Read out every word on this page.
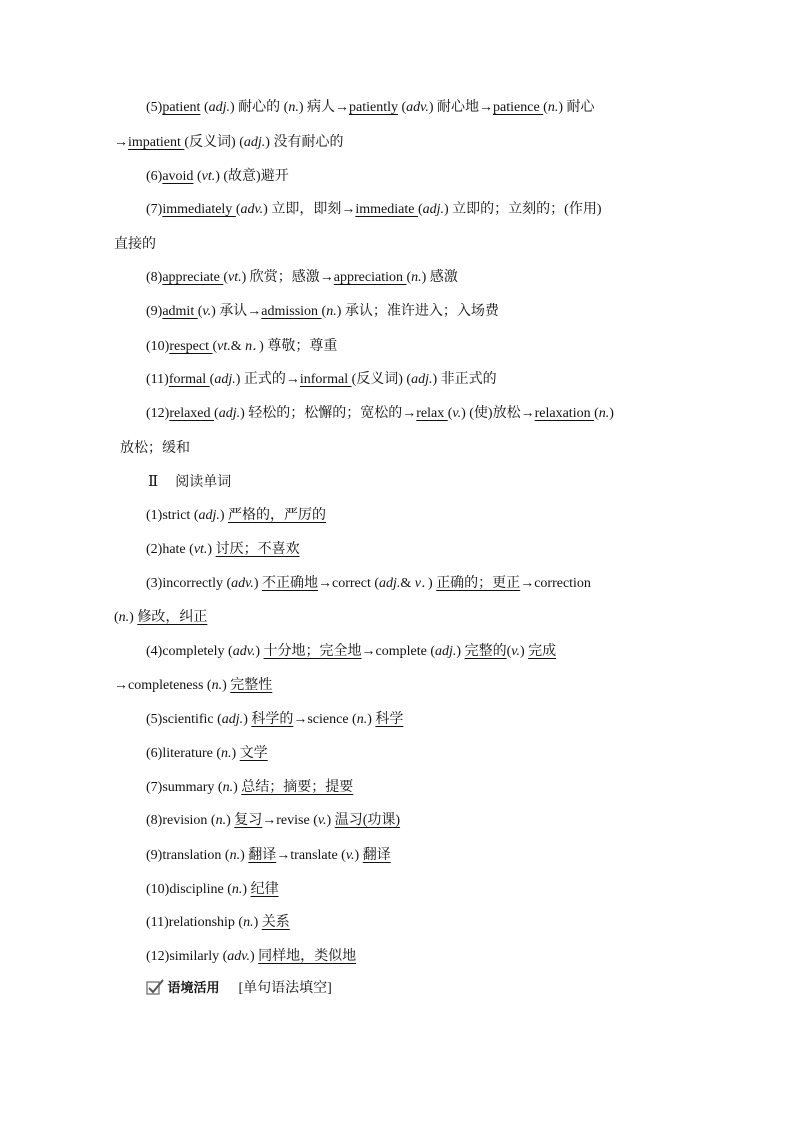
(5)patient (adj.) 耐心的 (n.) 病人→patiently (adv.) 耐心地→patience (n.) 耐心
→impatient (反义词) (adj.) 没有耐心的
(6)avoid (vt.) (故意)避开
(7)immediately (adv.) 立即，即刻→immediate (adj.) 立即的；立刻的；(作用)
直接的
(8)appreciate (vt.) 欣赏；感激→appreciation (n.) 感激
(9)admit (v.) 承认→admission (n.) 承认；准许进入；入场费
(10)respect (vt.& n．) 尊敬；尊重
(11)formal (adj.) 正式的→informal (反义词) (adj.) 非正式的
(12)relaxed (adj.) 轻松的；松懈的；宽松的→relax (v.) (使)放松→relaxation (n.)
放松；缓和
Ⅱ 阅读单词
(1)strict (adj.) 严格的，严厉的
(2)hate (vt.) 讨厌；不喜欢
(3)incorrectly (adv.) 不正确地→correct (adj.& v．) 正确的；更正→correction
(n.) 修改，纠正
(4)completely (adv.) 十分地；完全地→complete (adj.) 完整的(v.) 完成
→completeness (n.) 完整性
(5)scientific (adj.) 科学的→science (n.) 科学
(6)literature (n.) 文学
(7)summary (n.) 总结；摘要；提要
(8)revision (n.) 复习→revise (v.) 温习(功课)
(9)translation (n.) 翻译→translate (v.) 翻译
(10)discipline (n.) 纪律
(11)relationship (n.) 关系
(12)similarly (adv.) 同样地，类似地
语境活用 [单句语法填空]
